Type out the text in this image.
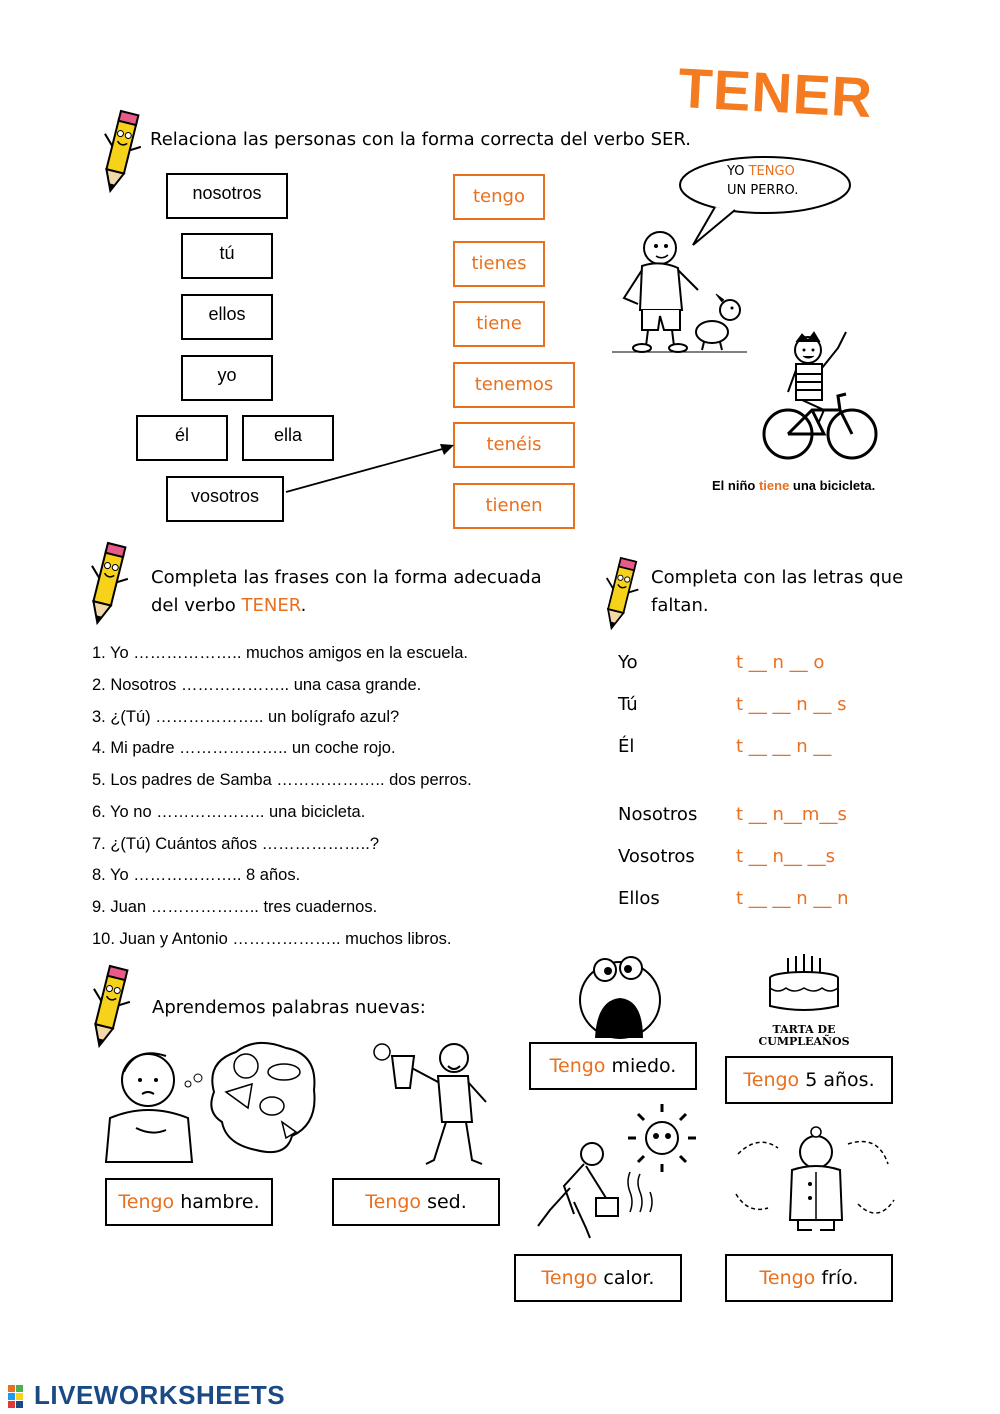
TENER
Relaciona las personas con la forma correcta del verbo SER.
nosotros
tú
ellos
yo
él	ella
vosotros
tengo
tienes
tiene
tenemos
tenéis
tienen
YO TENGO
UN PERRO.
El niño tiene una bicicleta.
Completa las frases con la forma adecuada del verbo TENER.
1. Yo ……………….. muchos amigos en la escuela.
2. Nosotros ……………….. una casa grande.
3. ¿(Tú) ……………….. un bolígrafo azul?
4. Mi padre ……………….. un coche rojo.
5. Los padres de Samba ……………….. dos perros.
6. Yo no ……………….. una bicicleta.
7. ¿(Tú) Cuántos años ………………..?
8. Yo ……………….. 8 años.
9. Juan ……………….. tres cuadernos.
10. Juan y Antonio ……………….. muchos libros.
Completa con las letras que faltan.
Yo	t __ n __ o
Tú	t __ __ n __ s
Él	t __ __ n __
Nosotros t __ n__m__s
Vosotros t __ n__ __s
Ellos	t __ __ n __ n
Aprendemos palabras nuevas:
TARTA DE CUMPLEAÑOS
Tengo hambre.	Tengo sed.
Tengo miedo.
Tengo 5 años.
Tengo calor.	Tengo frío.
LIVEWORKSHEETS
